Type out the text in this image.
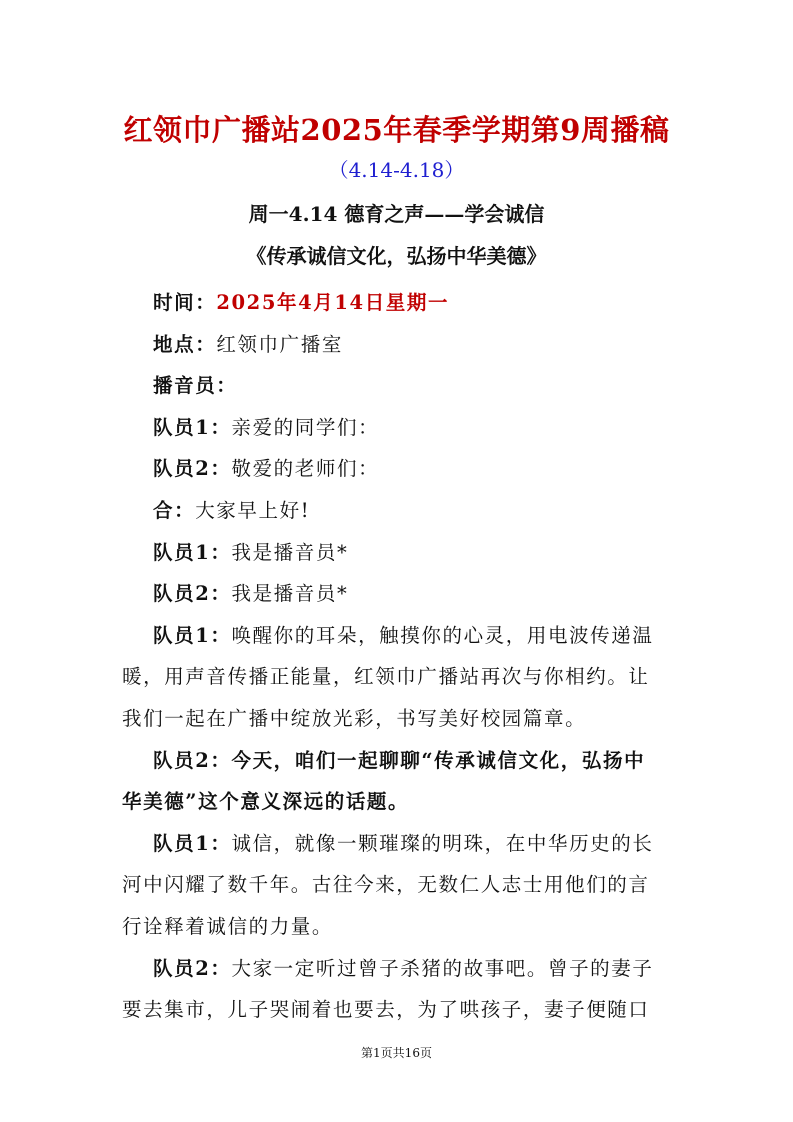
红领巾广播站2025年春季学期第9周播稿
（4.14-4.18）
周一4.14 德育之声——学会诚信
《传承诚信文化，弘扬中华美德》
时间：2025年4月14日星期一
地点：红领巾广播室
播音员：
队员1：亲爱的同学们：
队员2：敬爱的老师们：
合：大家早上好!
队员1：我是播音员*
队员2：我是播音员*
队员1：唤醒你的耳朵，触摸你的心灵，用电波传递温
暖，用声音传播正能量，红领巾广播站再次与你相约。让
我们一起在广播中绽放光彩，书写美好校园篇章。
队员2：今天，咱们一起聊聊“传承诚信文化，弘扬中
华美德”这个意义深远的话题。
队员1：诚信，就像一颗璀璨的明珠，在中华历史的长
河中闪耀了数千年。古往今来，无数仁人志士用他们的言
行诠释着诚信的力量。
队员2：大家一定听过曾子杀猪的故事吧。曾子的妻子
要去集市，儿子哭闹着也要去，为了哄孩子，妻子便随口
第1页共16页
